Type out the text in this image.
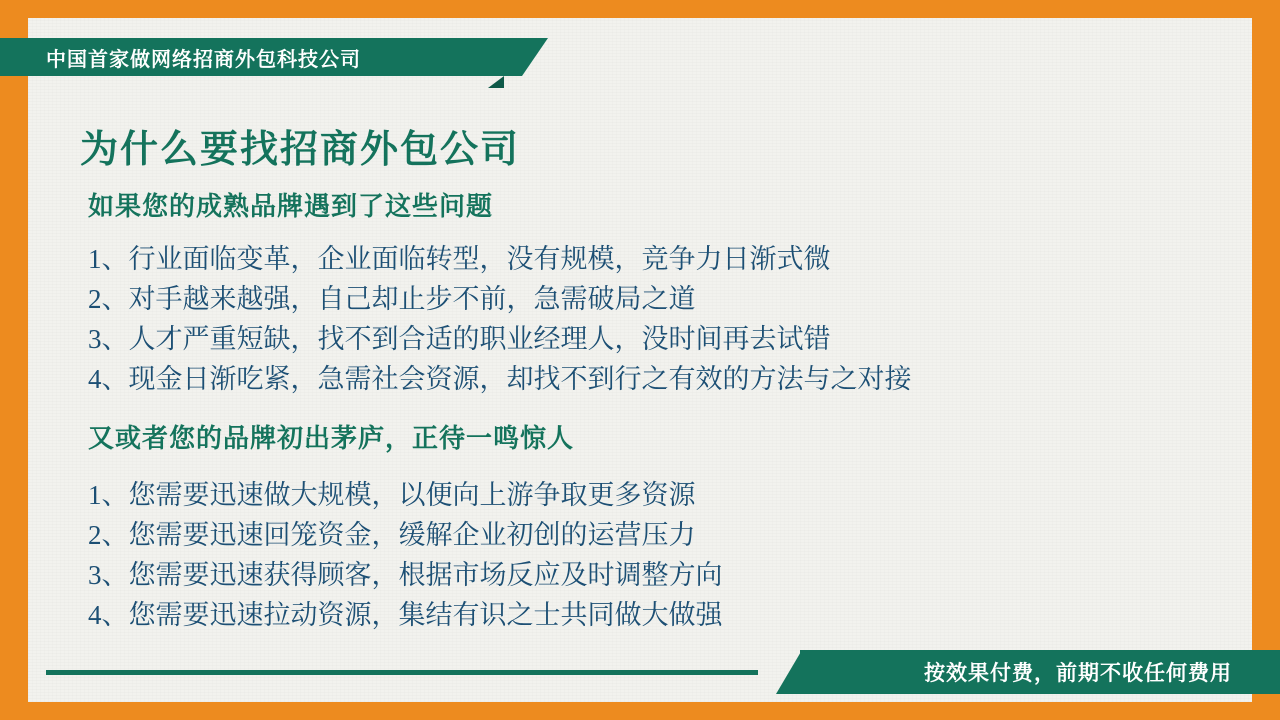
中国首家做网络招商外包科技公司
为什么要找招商外包公司
如果您的成熟品牌遇到了这些问题
1、行业面临变革，企业面临转型，没有规模，竞争力日渐式微
2、对手越来越强，自己却止步不前，急需破局之道
3、人才严重短缺，找不到合适的职业经理人，没时间再去试错
4、现金日渐吃紧，急需社会资源，却找不到行之有效的方法与之对接
又或者您的品牌初出茅庐，正待一鸣惊人
1、您需要迅速做大规模，以便向上游争取更多资源
2、您需要迅速回笼资金，缓解企业初创的运营压力
3、您需要迅速获得顾客，根据市场反应及时调整方向
4、您需要迅速拉动资源，集结有识之士共同做大做强
按效果付费，前期不收任何费用
